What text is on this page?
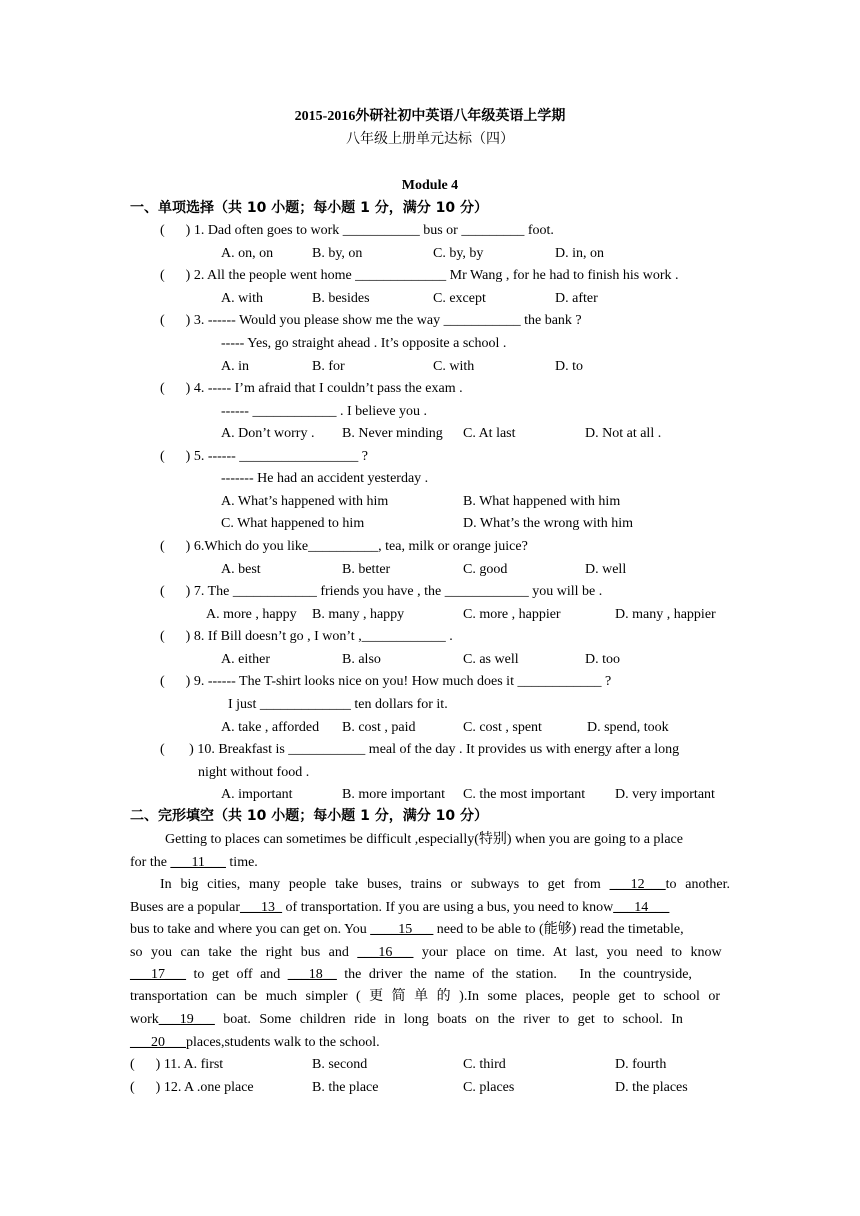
2015-2016外研社初中英语八年级英语上学期
八年级上册单元达标（四）
Module 4
一、单项选择（共 10 小题；每小题 1 分，满分 10 分）
(      ) 1. Dad often goes to work ___________ bus or _________ foot.
A. on, on	B. by, on	C. by, by	D. in, on
(      ) 2. All the people went home _____________ Mr Wang , for he had to finish his work .
A. with	B. besides	C. except	D. after
(      ) 3. ------ Would you please show me the way ___________ the bank ?
----- Yes, go straight ahead . It’s opposite a school .
A. in	B. for	C. with	D. to
(      ) 4. ----- I’m afraid that I couldn’t pass the exam .
------ ____________ . I believe you .
A. Don’t worry . B. Never minding C. At last	D. Not at all .
(      ) 5. ------ _________________ ?
------- He had an accident yesterday .
A. What’s happened with him	B. What happened with him
C. What happened to him	D. What’s the wrong with him
(      ) 6.Which do you like__________, tea, milk or orange juice?
A. best	B. better	C. good	D. well
(      ) 7. The ____________ friends you have , the ____________ you will be .
A. more , happy B. many , happy	C. more , happier	D. many , happier
(      ) 8. If Bill doesn’t go , I won’t ,____________ .
A. either	B. also	C. as well	D. too
(      ) 9. ------ The T-shirt looks nice on you! How much does it ____________ ?
I just _____________ ten dollars for it.
A. take , afforded B. cost , paid	C. cost , spent	D. spend, took
(       ) 10. Breakfast is ___________ meal of the day . It provides us with energy after a long
night without food .
A. important	B. more important C. the most important D. very important
二、完形填空（共 10 小题；每小题 1 分，满分 10 分）
Getting to places can sometimes be difficult ,especially(特别) when you are going to a place
for the ___11___ time.
In big cities, many people take buses, trains or subways to get from ___12___to another.
Buses are a popular___13_ of transportation. If you are using a bus, you need to know___14___
bus to take and where you can get on. You ____15___ need to be able to (能够) read the timetable,
so you can take the right bus and ___16___ your place on time. At last, you need to know
___17___ to get off and ___18__ the driver the name of the station.   In the countryside,
transportation can be much simpler ( 更 简 单 的 ).In some places, people get to school or
work___19___ boat. Some children ride in long boats on the river to get to school. In
___20___places,students walk to the school.
(      ) 11. A. first	B. second	C. third	D. fourth
(      ) 12. A .one place	B. the place	C. places	D. the places
